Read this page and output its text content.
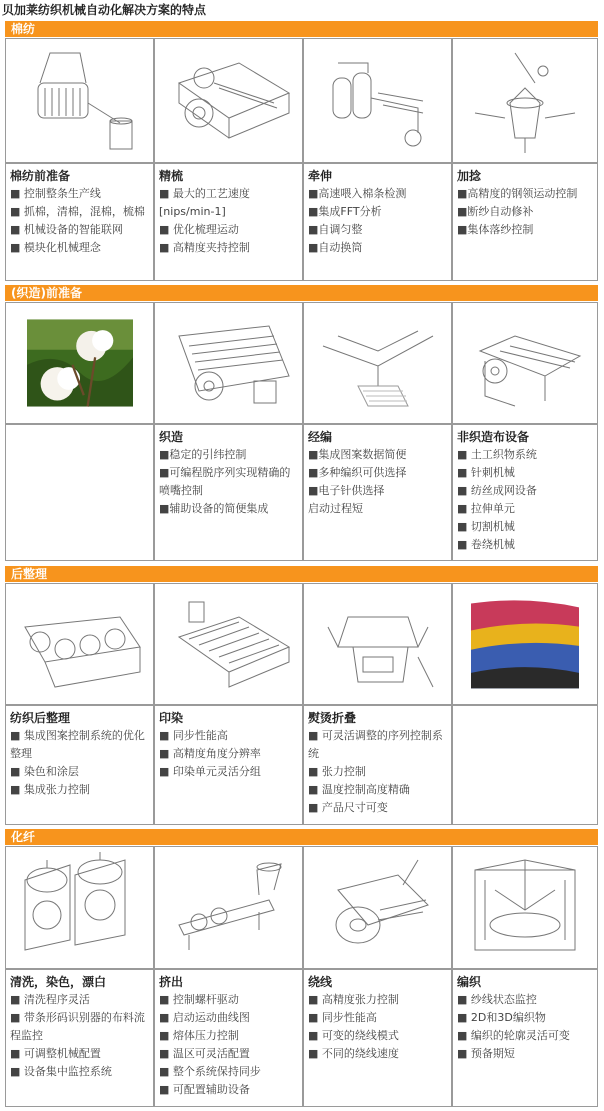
贝加莱纺织机械自动化解决方案的特点
棉纺
棉纺前准备
■ 控制整条生产线
■ 抓棉，清棉，混棉，梳棉
■ 机械设备的智能联网
■ 模块化机械理念
精梳
■ 最大的工艺速度
[nips/min-1]
■ 优化梳理运动
■ 高精度夹持控制
牵伸
■高速喂入棉条检测
■集成FFT分析
■自调匀整
■自动换筒
加捻
■高精度的钢领运动控制
■断纱自动修补
■集体落纱控制
(织造)前准备
织造
■稳定的引纬控制
■可编程脱序列实现精确的喷嘴控制
■辅助设备的简便集成
经编
■集成图案数据简便
■多种编织可供选择
■电子针供选择
启动过程短
非织造布设备
■ 土工织物系统
■ 针刺机械
■ 纺丝成网设备
■ 拉伸单元
■ 切割机械
■ 卷绕机械
后整理
纺织后整理
■ 集成图案控制系统的优化整理
■ 染色和涂层
■ 集成张力控制
印染
■ 同步性能高
■ 高精度角度分辨率
■ 印染单元灵活分组
熨烫折叠
■ 可灵活调整的序列控制系统
■ 张力控制
■ 温度控制高度精确
■ 产品尺寸可变
化纤
清洗，染色，漂白
■ 清洗程序灵活
■ 带条形码识别器的布料流程监控
■ 可调整机械配置
■ 设备集中监控系统
挤出
■ 控制螺杆驱动
■ 启动运动曲线图
■ 熔体压力控制
■ 温区可灵活配置
■ 整个系统保持同步
■ 可配置辅助设备
绕线
■ 高精度张力控制
■ 同步性能高
■ 可变的绕线模式
■ 不同的绕线速度
编织
■ 纱线状态监控
■ 2D和3D编织物
■ 编织的轮廓灵活可变
■ 预备期短
